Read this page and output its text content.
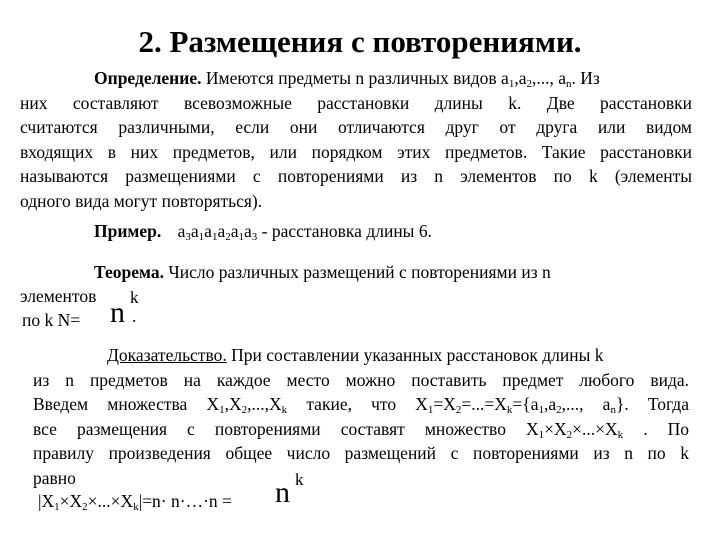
2. Размещения с повторениями.
Определение. Имеются предметы n различных видов $a_1,a_2$,..., $a_n$. Из
них составляют всевозможные расстановки длины k. Две расстановки
считаются различными, если они отличаются друг от друга или видом
входящих в них предметов, или порядком этих предметов. Такие расстановки
называются размещениями с повторениями из n элементов по k (элементы
одного вида могут повторяться).
Пример. $a_3a_1a_1a_2a_1a_3$ - расстановка длины 6.
Теорема. Число различных размещений с повторениями из n
элементов
по k N= n k
.
Доказательство. При составлении указанных расстановок длины k
из n предметов на каждое место можно поставить предмет любого вида.
Введем множества $X_1,X_2,...,X_k$ такие, что $X_1=X_2=...=X_k=\{a_1,a_2$,..., $a_n$}. Тогда
все размещения с повторениями составят множество $X_1\times X_2\times...\times X_k$ . По
правилу произведения общее число размещений с повторениями из n по k
равно
$|X_1\times X_2\times...\times X_k|=n\cdot$ n·…·n =	n k
